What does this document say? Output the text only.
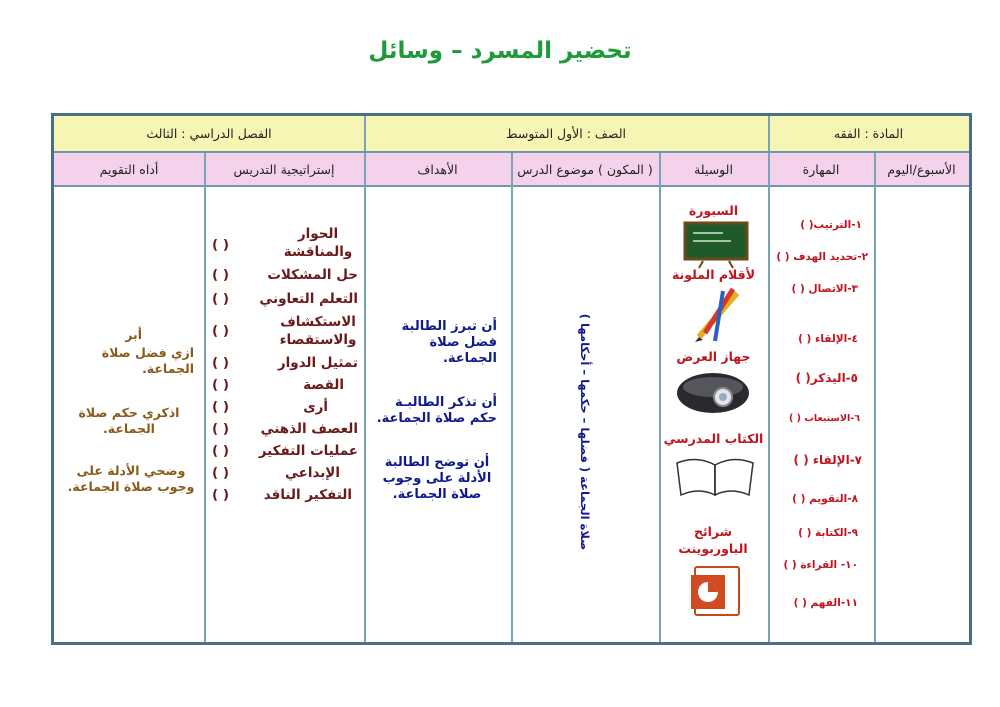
تحضير المسرد – وسائل
المادة : الفقه
الصف : الأول المتوسط
الفصل الدراسي : الثالث
الأسبوع/اليوم
المهارة
الوسيلة
( المكون ) موضوع الدرس
الأهداف
إستراتيجية التدريس
أداه التقويم
١-الترتيب( )
٢-تحديد الهدف ( )
٣-الاتصال ( )
٤-الإلقاء ( )
٥-اليذكر( )
٦-الاستيعاب ( )
٧-الإلقاء ( )
٨-التقويم ( )
٩-الكتابة ( )
١٠- القراءة ( )
١١-الفهم ( )
السبورة
لأقلام الملونة
جهاز العرض
الكتاب المدرسي
شرائح الباوربوينت
صلاة الجماعة ( فضلها – حكمها – أحكامها )
أن تبرز الطالبة فضل صلاة الجماعة.
أن تذكر الطالبـة حكم صلاة الجماعة.
أن توضح الطالبة الأدلة على وجوب صلاة الجماعة.
الحوار والمناقشة
حل المشكلات
التعلم التعاوني
الاستكشاف والاستقصاء
تمثيل الدوار
القصة
أرى
العصف الذهني
عمليات التفكير
الإبداعي
التفكير الناقد
( )
( )
( )
( )
( )
( )
( )
( )
( )
( )
( )
أبر
ازي فضل صلاة الجماعة.
اذكري حكم صلاة الجماعة.
وضحي الأدلة على وجوب صلاة الجماعة.
